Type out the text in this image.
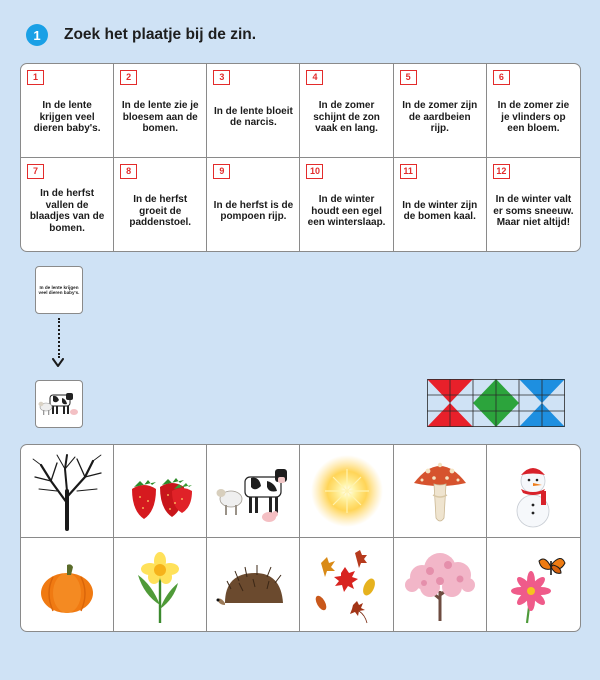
1	Zoek het plaatje bij de zin.
1
In de lente krijgen veel dieren baby's.
2
In de lente zie je bloesem aan de bomen.
3
In de lente bloeit de narcis.
4
In de zomer schijnt de zon vaak en lang.
5
In de zomer zijn de aardbeien rijp.
6
In de zomer zie je vlinders op een bloem.
7
In de herfst vallen de blaadjes van de bomen.
8
In de herfst groeit de paddenstoel.
9
In de herfst is de pompoen rijp.
10
In de winter houdt een egel een winterslaap.
11
In de winter zijn de bomen kaal.
12
In de winter valt er soms sneeuw. Maar niet altijd!
In de lente krijgen veel dieren baby's.
